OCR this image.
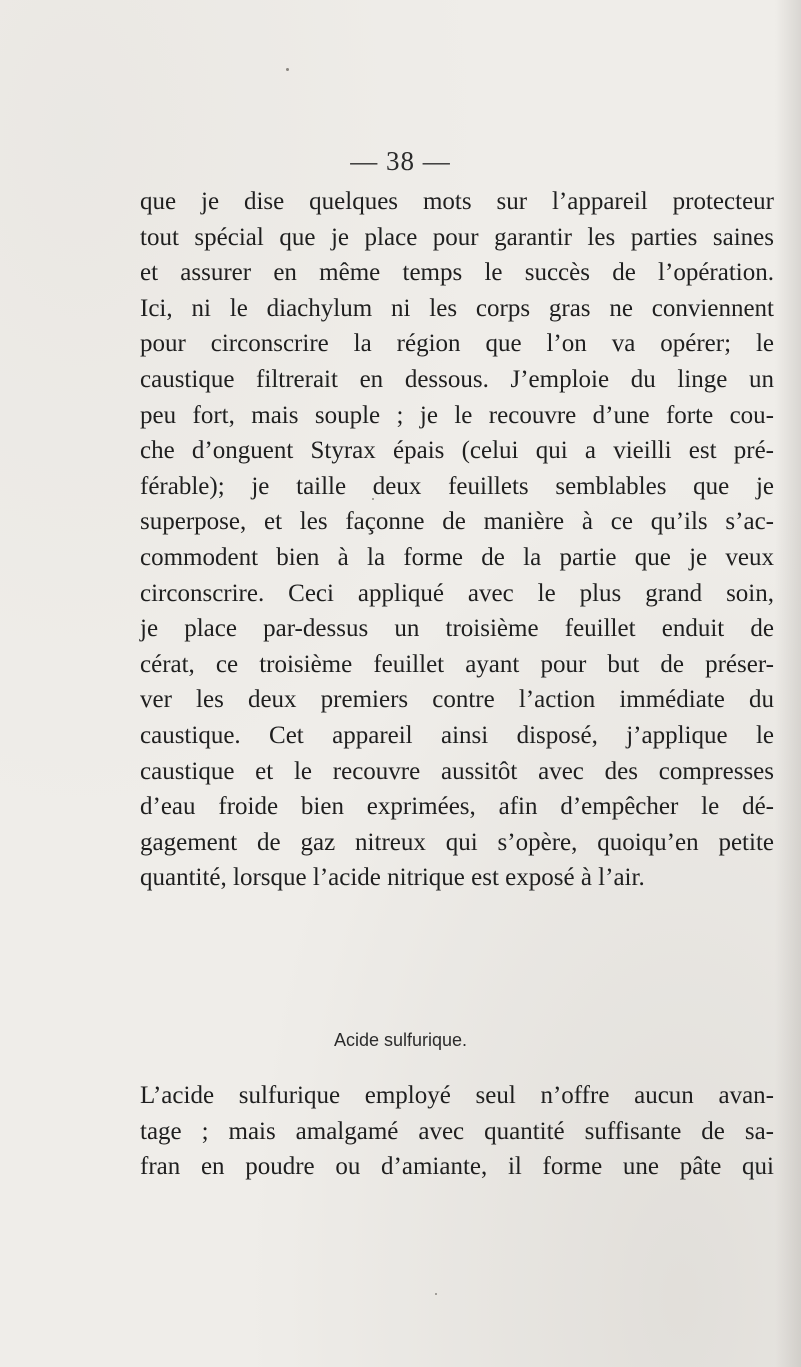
— 38 —
que je dise quelques mots sur l’appareil protecteur
tout spécial que je place pour garantir les parties saines
et assurer en même temps le succès de l’opération.
Ici, ni le diachylum ni les corps gras ne conviennent
pour circonscrire la région que l’on va opérer; le
caustique filtrerait en dessous. J’emploie du linge un
peu fort, mais souple ; je le recouvre d’une forte cou-
che d’onguent Styrax épais (celui qui a vieilli est pré-
férable); je taille deux feuillets semblables que je
superpose, et les façonne de manière à ce qu’ils s’ac-
commodent bien à la forme de la partie que je veux
circonscrire. Ceci appliqué avec le plus grand soin,
je place par-dessus un troisième feuillet enduit de
cérat, ce troisième feuillet ayant pour but de préser-
ver les deux premiers contre l’action immédiate du
caustique. Cet appareil ainsi disposé, j’applique le
caustique et le recouvre aussitôt avec des compresses
d’eau froide bien exprimées, afin d’empêcher le dé-
gagement de gaz nitreux qui s’opère, quoiqu’en petite
quantité, lorsque l’acide nitrique est exposé à l’air.
Acide sulfurique.
L’acide sulfurique employé seul n’offre aucun avan-
tage ; mais amalgamé avec quantité suffisante de sa-
fran en poudre ou d’amiante, il forme une pâte qui
